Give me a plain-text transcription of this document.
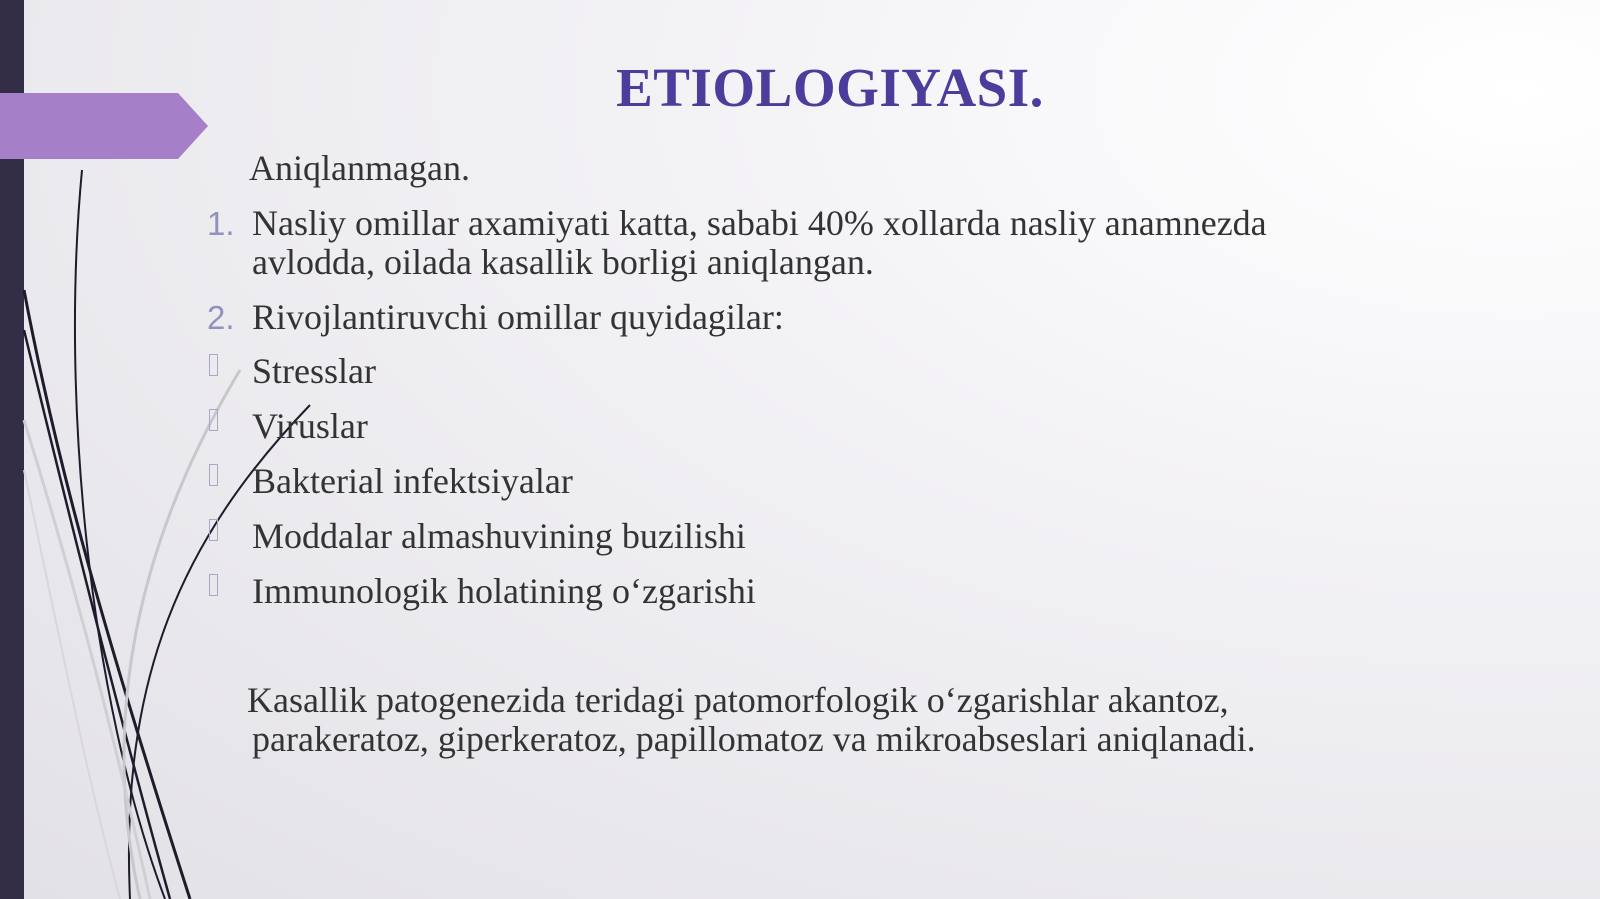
ETIOLOGIYASI.
Aniqlanmagan.
1. Nasliy omillar axamiyati katta, sababi 40% xollarda nasliy anamnezda
avlodda, oilada kasallik borligi aniqlangan.
2. Rivojlantiruvchi omillar quyidagilar:
Stresslar
Viruslar
Bakterial infektsiyalar
Moddalar almashuvining buzilishi
Immunologik holatining o‘zgarishi
Kasallik patogenezida teridagi patomorfologik o‘zgarishlar akantoz,
parakeratoz, giperkeratoz, papillomatoz va mikroabseslari aniqlanadi.
